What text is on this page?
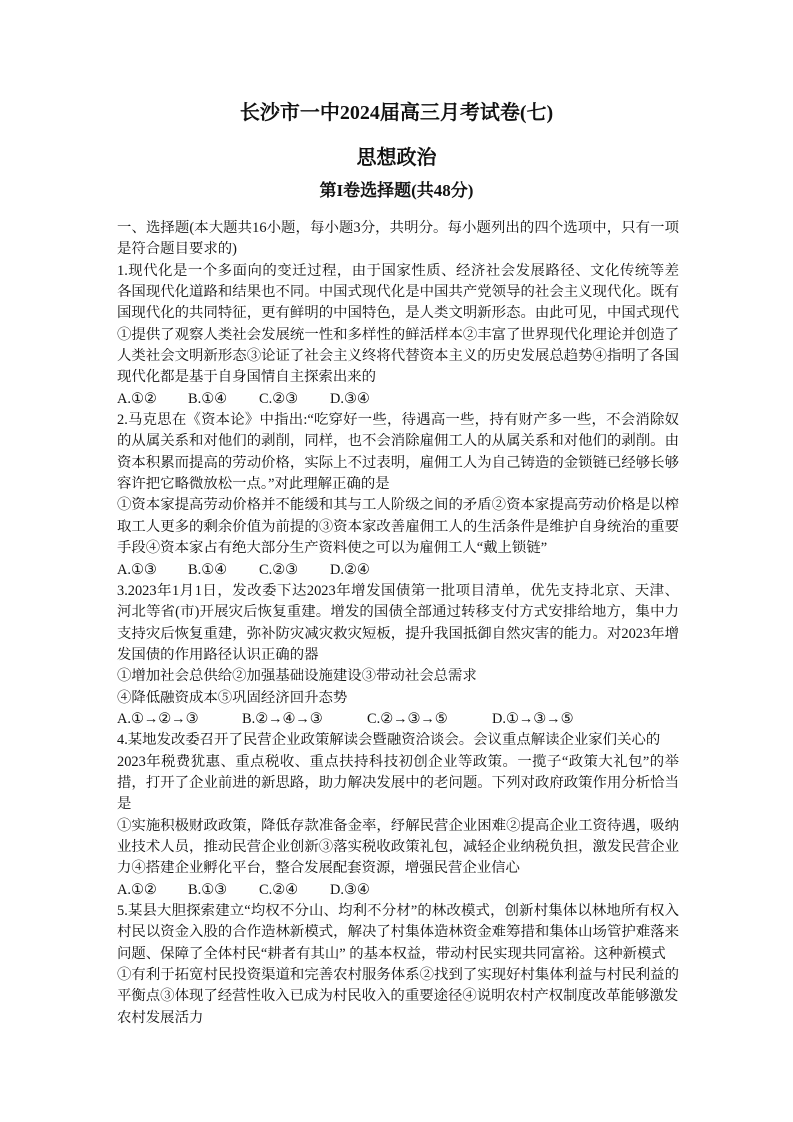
长沙市一中2024届高三月考试卷(七)
思想政治
第I卷选择题(共48分)
一、选择题(本大题共16小题，每小题3分，共明分。每小题列出的四个选项中，只有一项
是符合题目要求的)
1.现代化是一个多面向的变迁过程，由于国家性质、经济社会发展路径、文化传统等差
各国现代化道路和结果也不同。中国式现代化是中国共产党领导的社会主义现代化。既有
国现代化的共同特征，更有鲜明的中国特色，是人类文明新形态。由此可见，中国式现代
①提供了观察人类社会发展统一性和多样性的鲜活样本②丰富了世界现代化理论并创造了
人类社会文明新形态③论证了社会主义终将代替资本主义的历史发展总趋势④指明了各国
现代化都是基于自身国情自主探索出来的
A.①②	B.①④	C.②③	D.③④
2.马克思在《资本论》中指出:“吃穿好一些，待遇高一些，持有财产多一些，不会消除奴
的从属关系和对他们的剥削，同样，也不会消除雇佣工人的从属关系和对他们的剥削。由
资本积累而提高的劳动价格，实际上不过表明，雇佣工人为自己铸造的金锁链已经够长够
容许把它略微放松一点。”对此理解正确的是
①资本家提高劳动价格并不能缓和其与工人阶级之间的矛盾②资本家提高劳动价格是以榨
取工人更多的剩余价值为前提的③资本家改善雇佣工人的生活条件是维护自身统治的重要
手段④资本家占有绝大部分生产资料使之可以为雇佣工人“戴上锁链”
A.①③	B.①④	C.②③	D.②④
3.2023年1月1日，发改委下达2023年增发国债第一批项目清单，优先支持北京、天津、
河北等省(市)开展灾后恢复重建。增发的国债全部通过转移支付方式安排给地方，集中力
支持灾后恢复重建，弥补防灾减灾救灾短板，提升我国抵御自然灾害的能力。对2023年增
发国债的作用路径认识正确的器
①增加社会总供给②加强基础设施建设③带动社会总需求
④降低融资成本⑤巩固经济回升态势
A.①→②→③	B.②→④→③	C.②→③→⑤	D.①→③→⑤
4.某地发改委召开了民营企业政策解读会暨融资洽谈会。会议重点解读企业家们关心的
2023年税费犹惠、重点税收、重点扶持科技初创企业等政策。一揽子“政策大礼包”的举
措，打开了企业前进的新思路，助力解决发展中的老问题。下列对政府政策作用分析恰当
是
①实施积极财政政策，降低存款准备金率，纾解民营企业困难②提高企业工资待遇，吸纳
业技术人员，推动民营企业创新③落实税收政策礼包，减轻企业纳税负担，激发民营企业
力④搭建企业孵化平台，整合发展配套资源，增强民营企业信心
A.①②	B.①③	C.②④	D.③④
5.某县大胆探索建立“均权不分山、均利不分材”的林改模式，创新村集体以林地所有权入
村民以资金入股的合作造林新模式，解决了村集体造林资金难筹措和集体山场管护难落来
问题、保障了全体村民“耕者有其山” 的基本权益，带动村民实现共同富裕。这种新模式
①有利于拓宽村民投资渠道和完善农村服务体系②找到了实现好村集体利益与村民利益的
平衡点③体现了经营性收入已成为村民收入的重要途径④说明农村产权制度改革能够激发
农村发展活力
